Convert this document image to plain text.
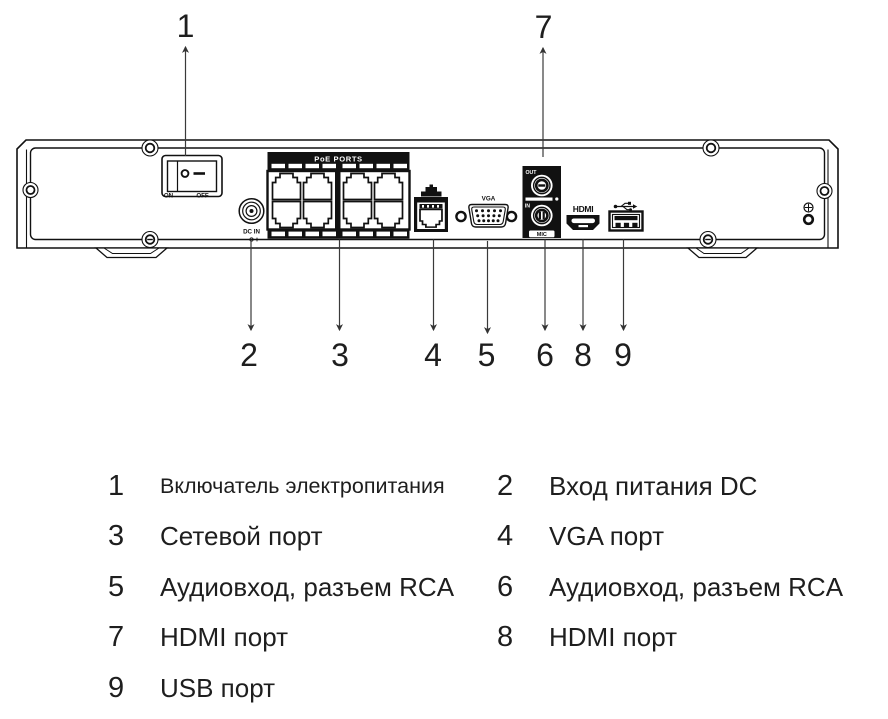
ON	OFF
DC IN
PoE PORTS
VGA
OUT
IN
MIC
HDMI
1	7
2 3 4 5 6 8 9
1	Включатель электропитания 2	Вход питания DC
3	Сетевой порт	4	VGA порт
5	Аудиовход, разъем RCA 6	Аудиовход, разъем RCA
7	HDMI порт	8	HDMI порт
9	USB порт
